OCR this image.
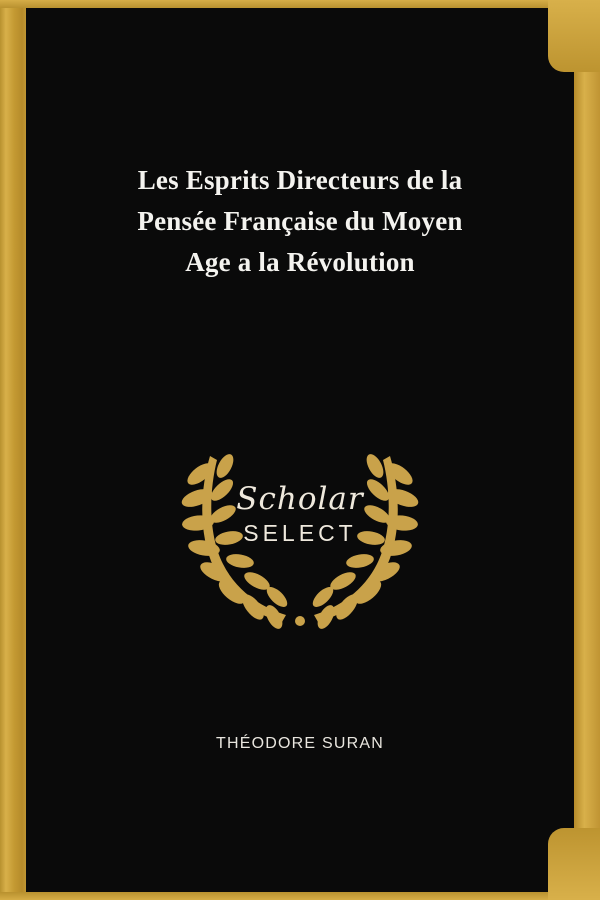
Les Esprits Directeurs de la
Pensée Française du Moyen
Age a la Révolution
Scholar
SELECT
THÉODORE SURAN
